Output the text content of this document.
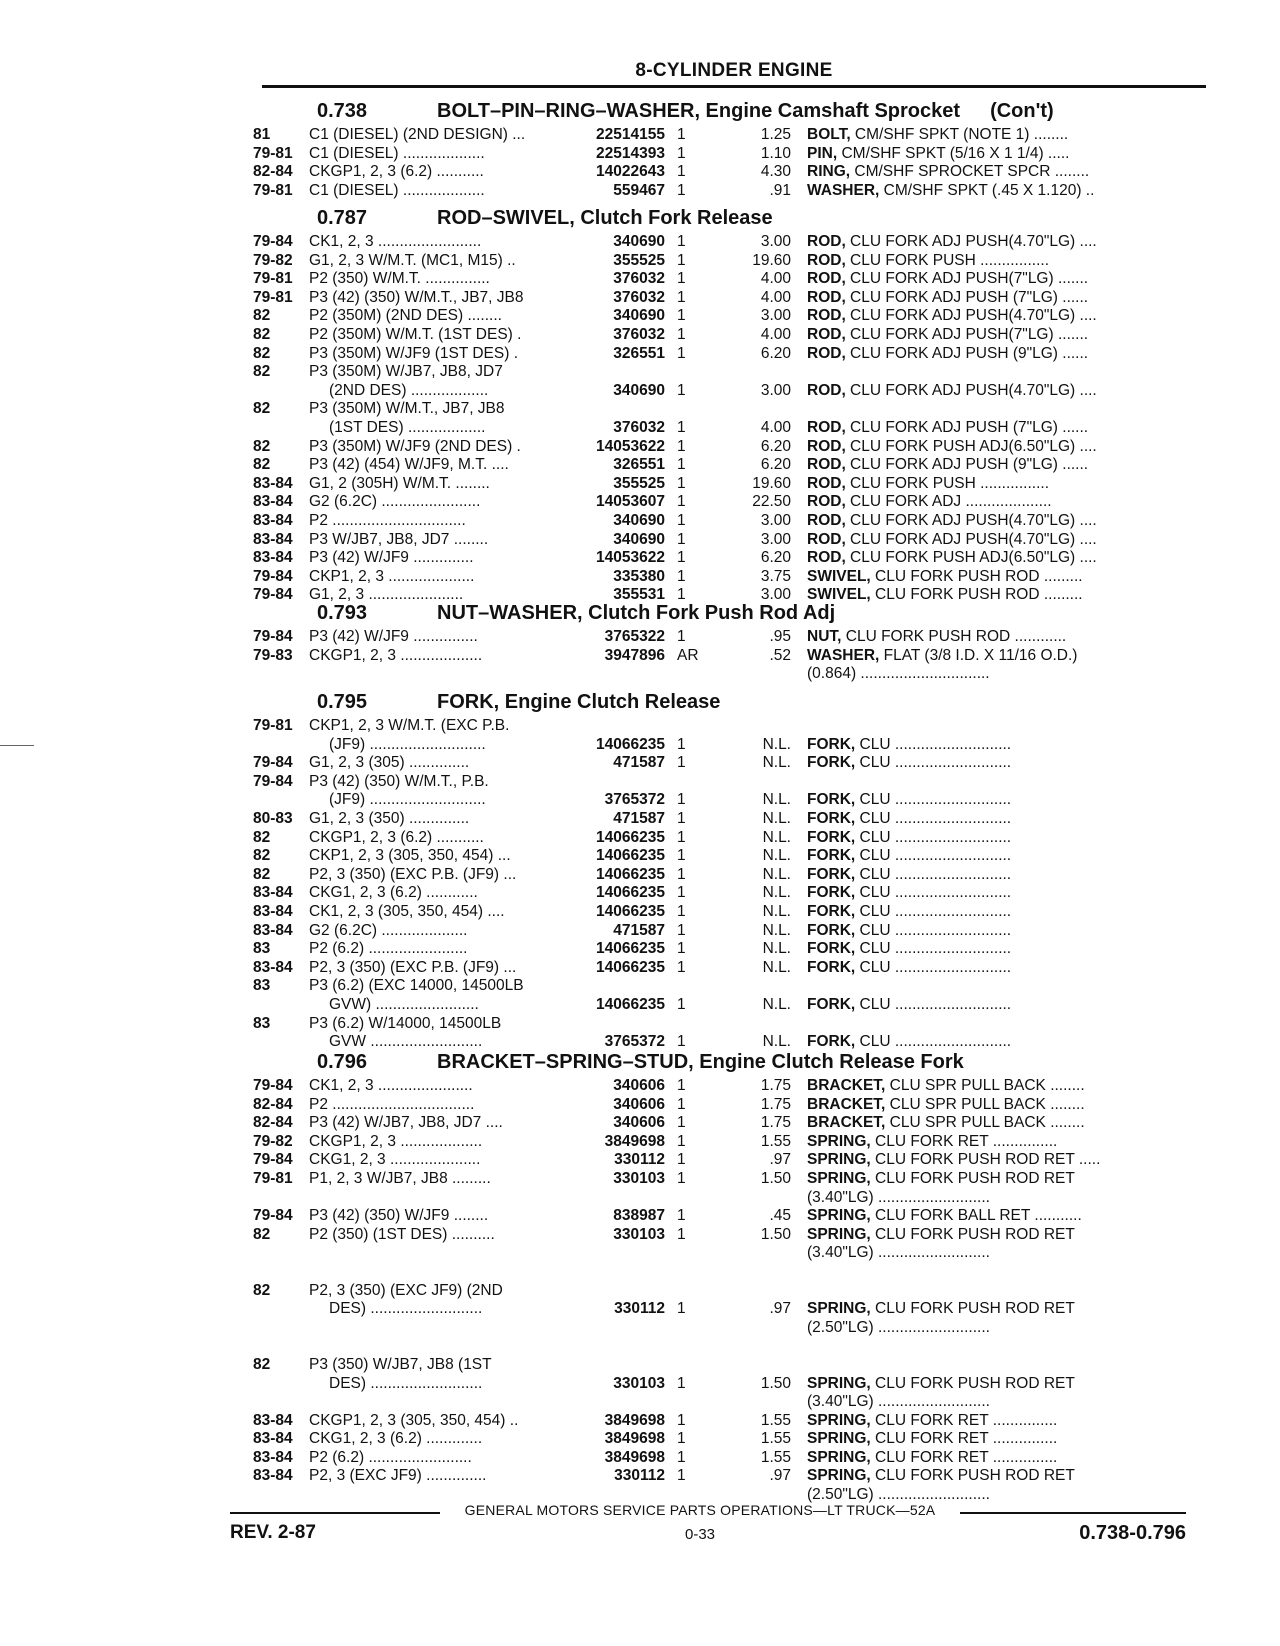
8-CYLINDER ENGINE
0.738	BOLT–PIN–RING–WASHER, Engine Camshaft Sprocket (Con't)
81	C1 (DIESEL) (2ND DESIGN) ...	22514155 1	1.25 BOLT, CM/SHF SPKT (NOTE 1) ........
79-81	C1 (DIESEL) ...................	22514393 1	1.10 PIN, CM/SHF SPKT (5/16 X 1 1/4) .....
82-84	CKGP1, 2, 3 (6.2) ...........	14022643 1	4.30 RING, CM/SHF SPROCKET SPCR ........
79-81	C1 (DIESEL) ...................	559467 1	.91 WASHER, CM/SHF SPKT (.45 X 1.120) ..
0.787	ROD–SWIVEL, Clutch Fork Release
79-84	CK1, 2, 3 ........................	340690 1	3.00 ROD, CLU FORK ADJ PUSH(4.70"LG) ....
79-82	G1, 2, 3 W/M.T. (MC1, M15) ..	355525 1	19.60 ROD, CLU FORK PUSH ................
79-81	P2 (350) W/M.T. ...............	376032 1	4.00 ROD, CLU FORK ADJ PUSH(7"LG) .......
79-81	P3 (42) (350) W/M.T., JB7, JB8	376032 1	4.00 ROD, CLU FORK ADJ PUSH (7"LG) ......
82	P2 (350M) (2ND DES) ........	340690 1	3.00 ROD, CLU FORK ADJ PUSH(4.70"LG) ....
82	P2 (350M) W/M.T. (1ST DES) .	376032 1	4.00 ROD, CLU FORK ADJ PUSH(7"LG) .......
82	P3 (350M) W/JF9 (1ST DES) .	326551 1	6.20 ROD, CLU FORK ADJ PUSH (9"LG) ......
82	P3 (350M) W/JB7, JB8, JD7
(2ND DES) ..................	340690 1	3.00 ROD, CLU FORK ADJ PUSH(4.70"LG) ....
82	P3 (350M) W/M.T., JB7, JB8
(1ST DES) ..................	376032 1	4.00 ROD, CLU FORK ADJ PUSH (7"LG) ......
82	P3 (350M) W/JF9 (2ND DES) .	14053622 1	6.20 ROD, CLU FORK PUSH ADJ(6.50"LG) ....
82	P3 (42) (454) W/JF9, M.T. ....	326551 1	6.20 ROD, CLU FORK ADJ PUSH (9"LG) ......
83-84	G1, 2 (305H) W/M.T. ........	355525 1	19.60 ROD, CLU FORK PUSH ................
83-84	G2 (6.2C) .......................	14053607 1	22.50 ROD, CLU FORK ADJ ....................
83-84	P2 ...............................	340690 1	3.00 ROD, CLU FORK ADJ PUSH(4.70"LG) ....
83-84	P3 W/JB7, JB8, JD7 ........	340690 1	3.00 ROD, CLU FORK ADJ PUSH(4.70"LG) ....
83-84	P3 (42) W/JF9 ..............	14053622 1	6.20 ROD, CLU FORK PUSH ADJ(6.50"LG) ....
79-84	CKP1, 2, 3 ....................	335380 1	3.75 SWIVEL, CLU FORK PUSH ROD .........
79-84	G1, 2, 3 ......................	355531 1	3.00 SWIVEL, CLU FORK PUSH ROD .........
0.793	NUT–WASHER, Clutch Fork Push Rod Adj
79-84	P3 (42) W/JF9 ...............	3765322 1	.95 NUT, CLU FORK PUSH ROD ............
79-83	CKGP1, 2, 3 ...................	3947896 AR	.52 WASHER, FLAT (3/8 I.D. X 11/16 O.D.)
(0.864) ..............................
0.795	FORK, Engine Clutch Release
79-81	CKP1, 2, 3 W/M.T. (EXC P.B.
(JF9) ...........................	14066235 1	N.L. FORK, CLU ...........................
79-84	G1, 2, 3 (305) ..............	471587 1	N.L. FORK, CLU ...........................
79-84	P3 (42) (350) W/M.T., P.B.
(JF9) ...........................	3765372 1	N.L. FORK, CLU ...........................
80-83	G1, 2, 3 (350) ..............	471587 1	N.L. FORK, CLU ...........................
82	CKGP1, 2, 3 (6.2) ...........	14066235 1	N.L. FORK, CLU ...........................
82	CKP1, 2, 3 (305, 350, 454) ...	14066235 1	N.L. FORK, CLU ...........................
82	P2, 3 (350) (EXC P.B. (JF9) ...	14066235 1	N.L. FORK, CLU ...........................
83-84	CKG1, 2, 3 (6.2) ............	14066235 1	N.L. FORK, CLU ...........................
83-84	CK1, 2, 3 (305, 350, 454) ....	14066235 1	N.L. FORK, CLU ...........................
83-84	G2 (6.2C) ....................	471587 1	N.L. FORK, CLU ...........................
83	P2 (6.2) .......................	14066235 1	N.L. FORK, CLU ...........................
83-84	P2, 3 (350) (EXC P.B. (JF9) ...	14066235 1	N.L. FORK, CLU ...........................
83	P3 (6.2) (EXC 14000, 14500LB
GVW) ........................	14066235 1	N.L. FORK, CLU ...........................
83	P3 (6.2) W/14000, 14500LB
GVW ..........................	3765372 1	N.L. FORK, CLU ...........................
0.796	BRACKET–SPRING–STUD, Engine Clutch Release Fork
79-84	CK1, 2, 3 ......................	340606 1	1.75 BRACKET, CLU SPR PULL BACK ........
82-84	P2 .................................	340606 1	1.75 BRACKET, CLU SPR PULL BACK ........
82-84	P3 (42) W/JB7, JB8, JD7 ....	340606 1	1.75 BRACKET, CLU SPR PULL BACK ........
79-82	CKGP1, 2, 3 ...................	3849698 1	1.55 SPRING, CLU FORK RET ...............
79-84	CKG1, 2, 3 .....................	330112 1	.97 SPRING, CLU FORK PUSH ROD RET .....
79-81	P1, 2, 3 W/JB7, JB8 .........	330103 1	1.50 SPRING, CLU FORK PUSH ROD RET
(3.40"LG) ..........................
79-84	P3 (42) (350) W/JF9 ........	838987 1	.45 SPRING, CLU FORK BALL RET ...........
82	P2 (350) (1ST DES) ..........	330103 1	1.50 SPRING, CLU FORK PUSH ROD RET
(3.40"LG) ..........................
82	P2, 3 (350) (EXC JF9) (2ND
DES) ..........................	330112 1	.97 SPRING, CLU FORK PUSH ROD RET
(2.50"LG) ..........................
82	P3 (350) W/JB7, JB8 (1ST
DES) ..........................	330103 1	1.50 SPRING, CLU FORK PUSH ROD RET
(3.40"LG) ..........................
83-84	CKGP1, 2, 3 (305, 350, 454) ..	3849698 1	1.55 SPRING, CLU FORK RET ...............
83-84	CKG1, 2, 3 (6.2) .............	3849698 1	1.55 SPRING, CLU FORK RET ...............
83-84	P2 (6.2) ........................	3849698 1	1.55 SPRING, CLU FORK RET ...............
83-84	P2, 3 (EXC JF9) ..............	330112 1	.97 SPRING, CLU FORK PUSH ROD RET
(2.50"LG) ..........................
GENERAL MOTORS SERVICE PARTS OPERATIONS—LT TRUCK—52A
REV. 2-87	0-33	0.738-0.796
